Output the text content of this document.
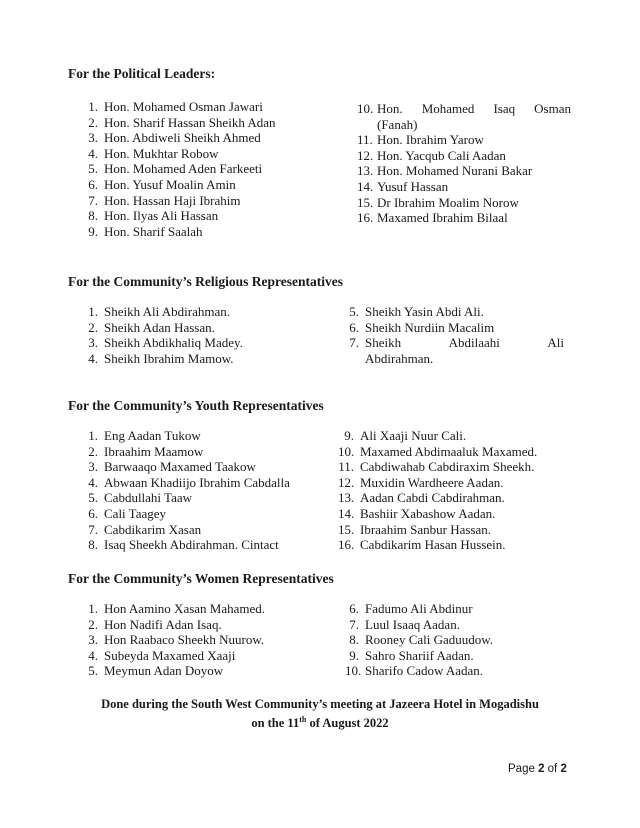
For the Political Leaders:
1. Hon. Mohamed Osman Jawari
2. Hon. Sharif Hassan Sheikh Adan
3. Hon. Abdiweli Sheikh Ahmed
4. Hon. Mukhtar Robow
5. Hon. Mohamed Aden Farkeeti
6. Hon. Yusuf Moalin Amin
7. Hon. Hassan Haji Ibrahim
8. Hon. Ilyas Ali Hassan
9. Hon. Sharif Saalah
10. Hon. Mohamed Isaq Osman
(Fanah)
11. Hon. Ibrahim Yarow
12. Hon. Yacqub Cali Aadan
13. Hon. Mohamed Nurani Bakar
14. Yusuf Hassan
15. Dr Ibrahim Moalim Norow
16. Maxamed Ibrahim Bilaal
For the Community’s Religious Representatives
1. Sheikh Ali Abdirahman.
2. Sheikh Adan Hassan.
3. Sheikh Abdikhaliq Madey.
4. Sheikh Ibrahim Mamow.
5. Sheikh Yasin Abdi Ali.
6. Sheikh Nurdiin Macalim
7. Sheikh Abdilaahi Ali
Abdirahman.
For the Community’s Youth Representatives
1. Eng Aadan Tukow
2. Ibraahim Maamow
3. Barwaaqo Maxamed Taakow
4. Abwaan Khadiijo Ibrahim Cabdalla
5. Cabdullahi Taaw
6. Cali Taagey
7. Cabdikarim Xasan
8. Isaq Sheekh Abdirahman. Cintact
9. Ali Xaaji Nuur Cali.
10. Maxamed Abdimaaluk Maxamed.
11. Cabdiwahab Cabdiraxim Sheekh.
12. Muxidin Wardheere Aadan.
13. Aadan Cabdi Cabdirahman.
14. Bashiir Xabashow Aadan.
15. Ibraahim Sanbur Hassan.
16. Cabdikarim Hasan Hussein.
For the Community’s Women Representatives
1. Hon Aamino Xasan Mahamed.
2. Hon Nadifi Adan Isaq.
3. Hon Raabaco Sheekh Nuurow.
4. Subeyda Maxamed Xaaji
5. Meymun Adan Doyow
6. Fadumo Ali Abdinur
7. Luul Isaaq Aadan.
8. Rooney Cali Gaduudow.
9. Sahro Shariif Aadan.
10. Sharifo Cadow Aadan.

Done during the South West Community’s meeting at Jazeera Hotel in Mogadishu

on the 11th of August 2022

Page 2 of 2
